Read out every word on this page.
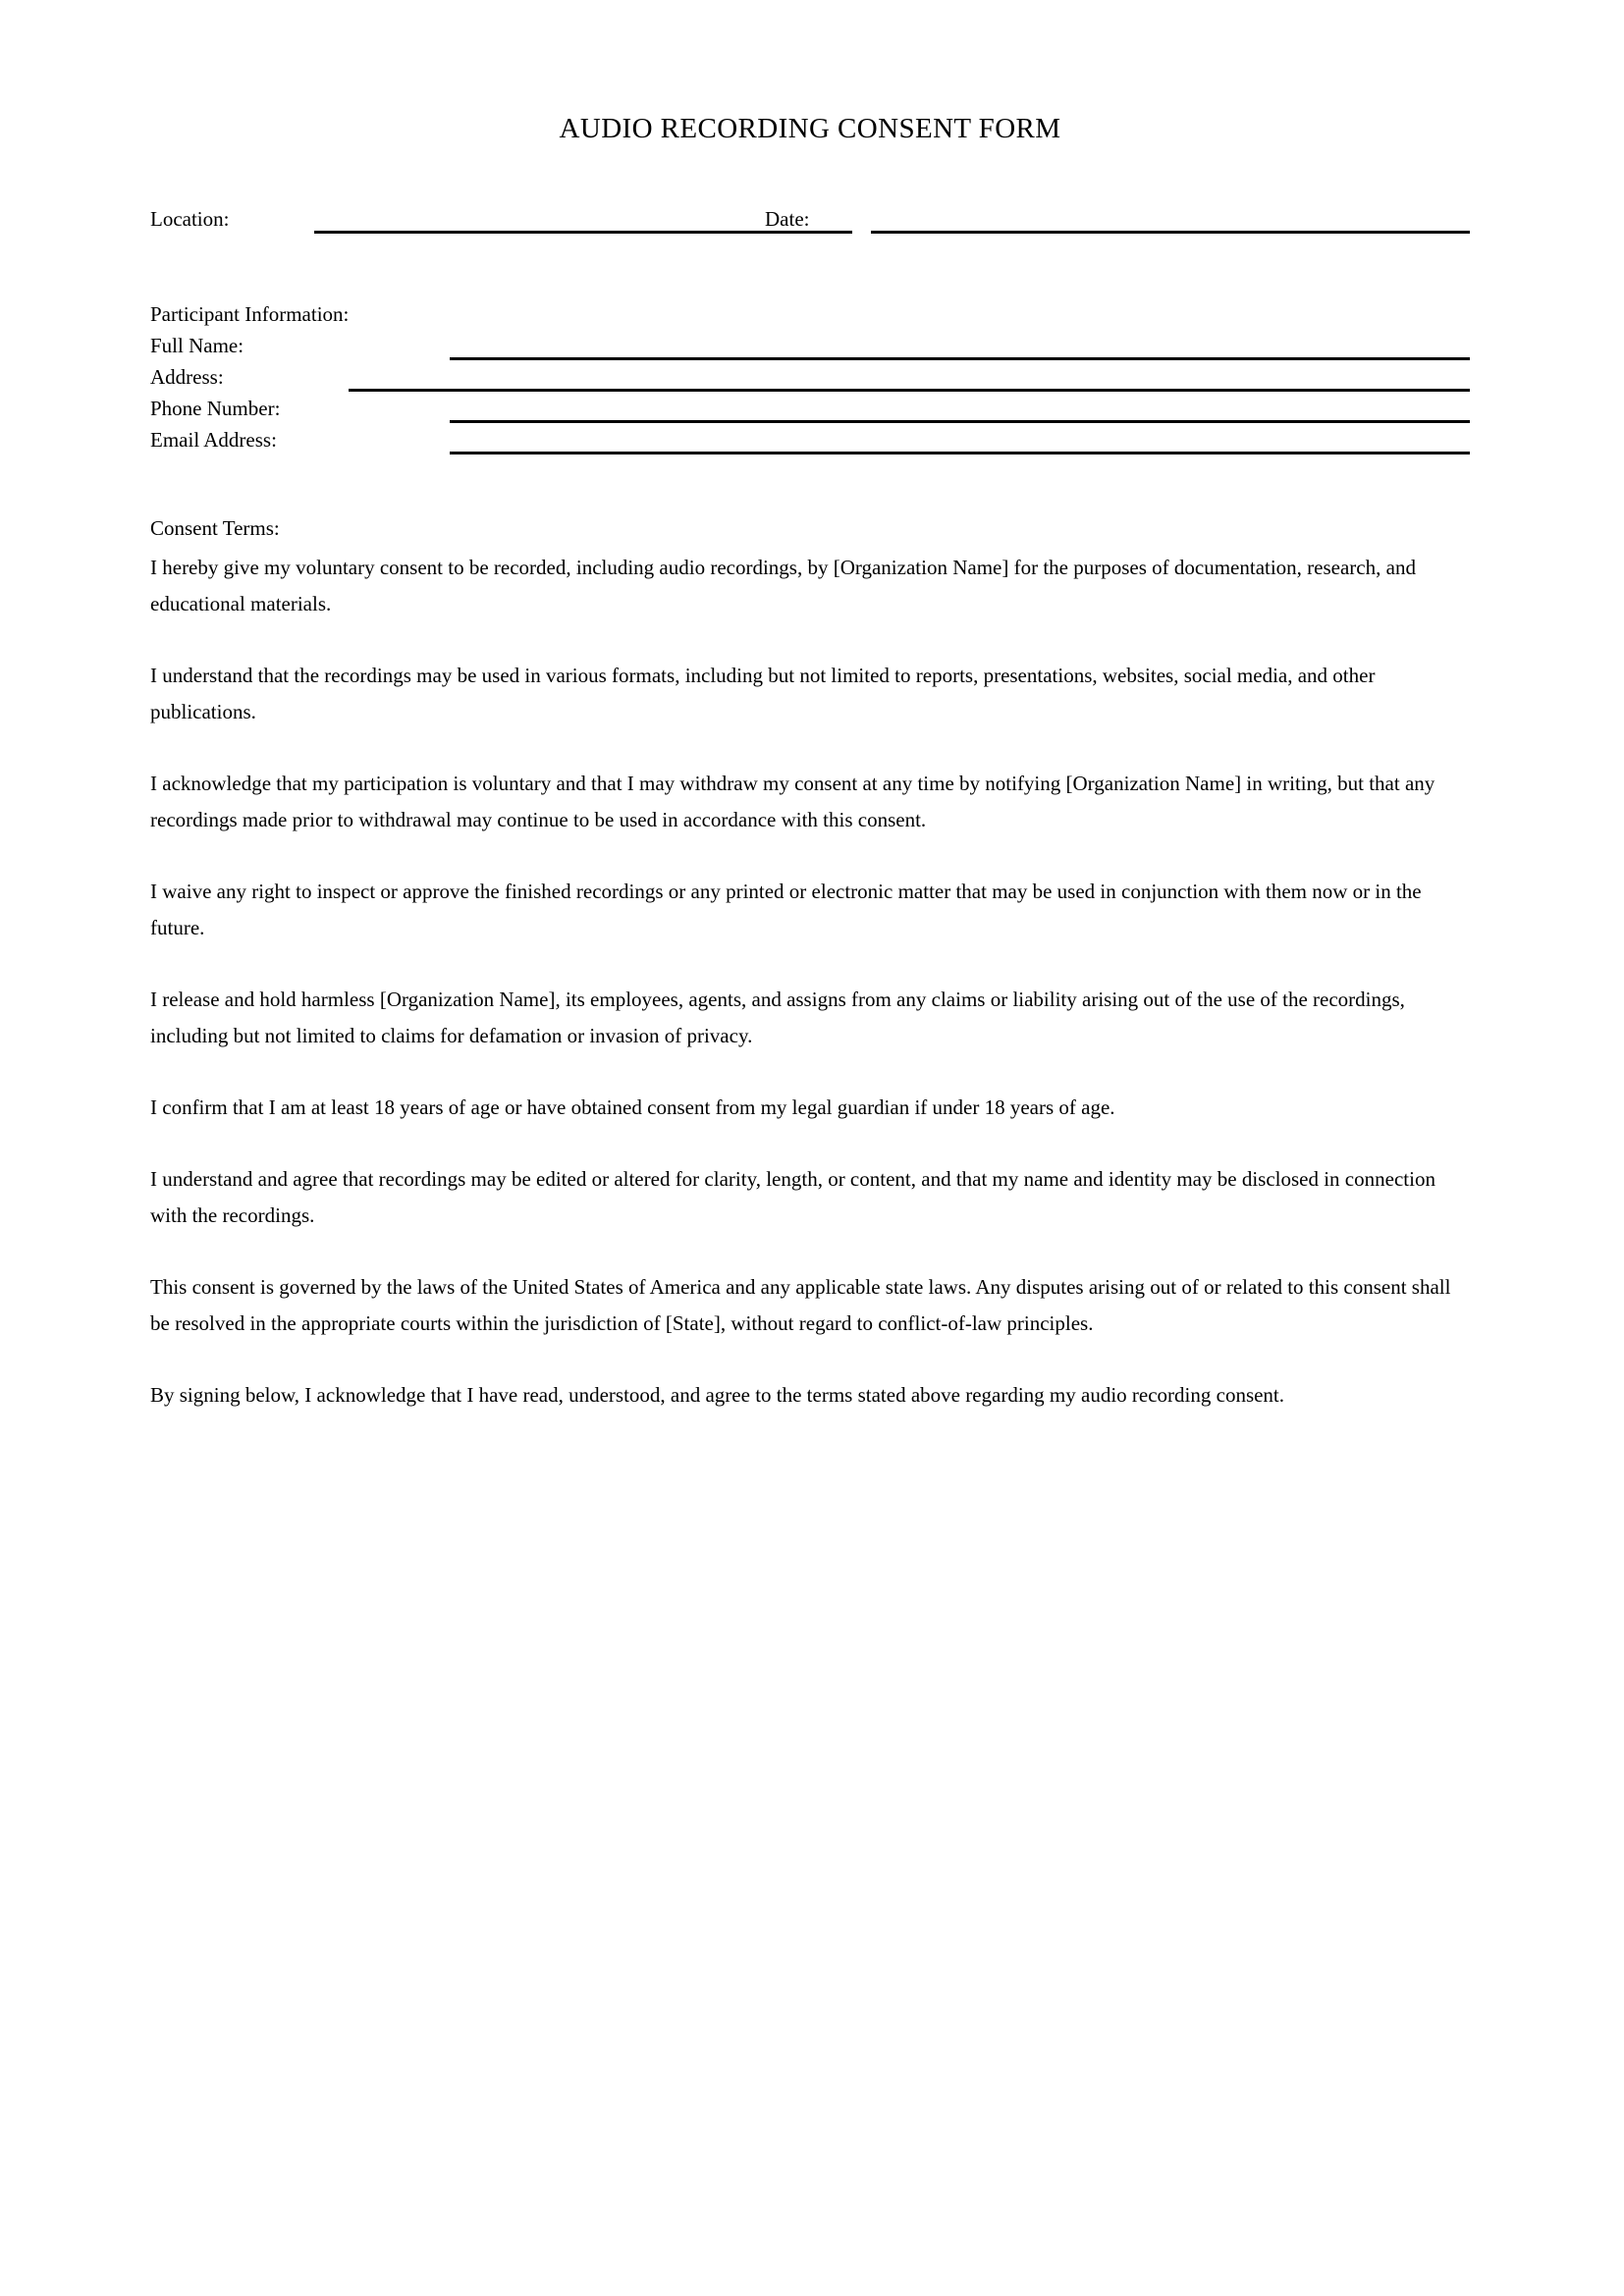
AUDIO RECORDING CONSENT FORM
Location:	Date:
Participant Information:
Full Name:
Address:
Phone Number:
Email Address:
Consent Terms:

I hereby give my voluntary consent to be recorded, including audio recordings, by [Organization Name] for the purposes of documentation, research, and educational materials.

I understand that the recordings may be used in various formats, including but not limited to reports, presentations, websites, social media, and other publications.

I acknowledge that my participation is voluntary and that I may withdraw my consent at any time by notifying [Organization Name] in writing, but that any recordings made prior to withdrawal may continue to be used in accordance with this consent.

I waive any right to inspect or approve the finished recordings or any printed or electronic matter that may be used in conjunction with them now or in the future.

I release and hold harmless [Organization Name], its employees, agents, and assigns from any claims or liability arising out of the use of the recordings, including but not limited to claims for defamation or invasion of privacy.

I confirm that I am at least 18 years of age or have obtained consent from my legal guardian if under 18 years of age.

I understand and agree that recordings may be edited or altered for clarity, length, or content, and that my name and identity may be disclosed in connection with the recordings.

This consent is governed by the laws of the United States of America and any applicable state laws. Any disputes arising out of or related to this consent shall be resolved in the appropriate courts within the jurisdiction of [State], without regard to conflict-of-law principles.

By signing below, I acknowledge that I have read, understood, and agree to the terms stated above regarding my audio recording consent.
